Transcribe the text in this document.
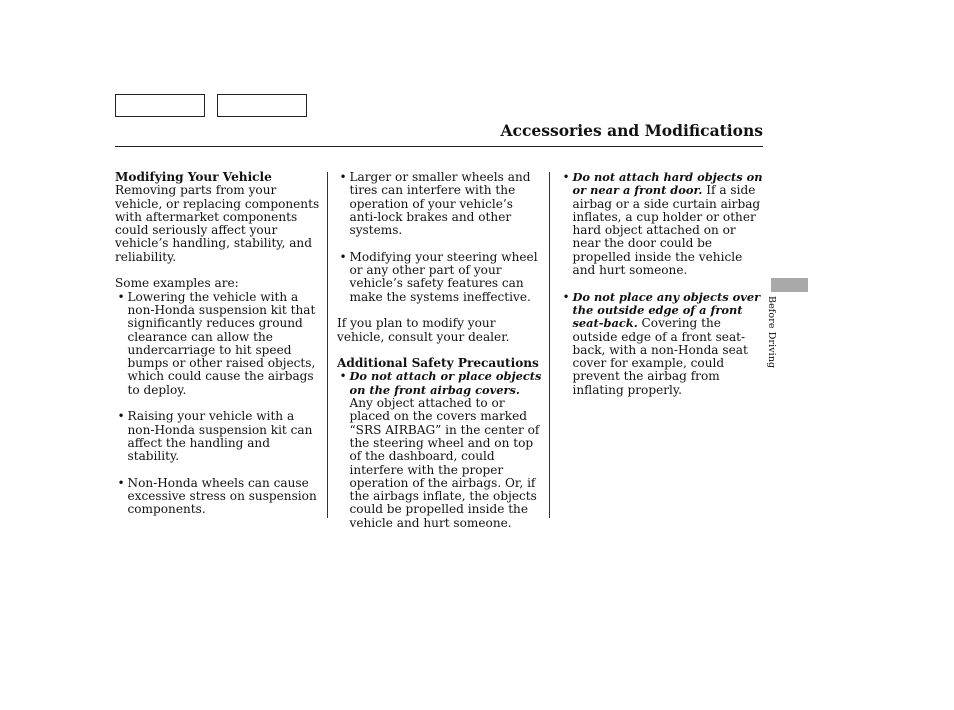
Accessories and Modifications
Modifying Your Vehicle

Removing parts from your vehicle, or replacing components with aftermarket components could seriously affect your vehicle’s handling, stability, and reliability.

Some examples are:

• Lowering the vehicle with a non-Honda suspension kit that significantly reduces ground clearance can allow the undercarriage to hit speed bumps or other raised objects, which could cause the airbags to deploy.
• Raising your vehicle with a non-Honda suspension kit can affect the handling and stability.
• Non-Honda wheels can cause excessive stress on suspension components.
• Larger or smaller wheels and tires can interfere with the operation of your vehicle’s anti-lock brakes and other systems.
• Modifying your steering wheel or any other part of your vehicle’s safety features can make the systems ineffective.

If you plan to modify your vehicle, consult your dealer.

Additional Safety Precautions
• Do not attach or place objects on the front airbag covers. Any object attached to or placed on the covers marked “SRS AIRBAG” in the center of the steering wheel and on top of the dashboard, could interfere with the proper operation of the airbags. Or, if the airbags inflate, the objects could be propelled inside the vehicle and hurt someone.
• Do not attach hard objects on or near a front door. If a side airbag or a side curtain airbag inflates, a cup holder or other hard object attached on or near the door could be propelled inside the vehicle and hurt someone.
• Do not place any objects over the outside edge of a front seat-back. Covering the outside edge of a front seat-back, with a non-Honda seat cover for example, could prevent the airbag from inflating properly.
Before Driving
